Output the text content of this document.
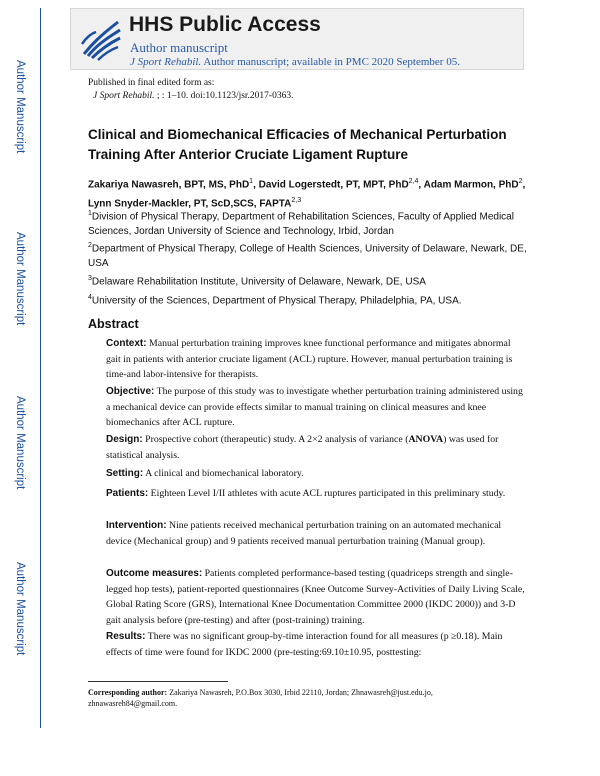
HHS Public Access
Author manuscript
J Sport Rehabil. Author manuscript; available in PMC 2020 September 05.
Author Manuscript
Author Manuscript
Author Manuscript
Author Manuscript
Published in final edited form as:
J Sport Rehabil. ; : 1–10. doi:10.1123/jsr.2017-0363.
Clinical and Biomechanical Efficacies of Mechanical Perturbation Training After Anterior Cruciate Ligament Rupture
Zakariya Nawasreh, BPT, MS, PhD$^1$, David Logerstedt, PT, MPT, PhD$^{2,4}$, Adam Marmon, PhD$^2$, Lynn Snyder-Mackler, PT, ScD,SCS, FAPTA$^{2,3}$
$^1$Division of Physical Therapy, Department of Rehabilitation Sciences, Faculty of Applied Medical Sciences, Jordan University of Science and Technology, Irbid, Jordan
$^2$Department of Physical Therapy, College of Health Sciences, University of Delaware, Newark, DE, USA
$^3$Delaware Rehabilitation Institute, University of Delaware, Newark, DE, USA
$^4$University of the Sciences, Department of Physical Therapy, Philadelphia, PA, USA.
Abstract
Context: Manual perturbation training improves knee functional performance and mitigates abnormal gait in patients with anterior cruciate ligament (ACL) rupture. However, manual perturbation training is time-and labor-intensive for therapists.
Objective: The purpose of this study was to investigate whether perturbation training administered using a mechanical device can provide effects similar to manual training on clinical measures and knee biomechanics after ACL rupture.
Design: Prospective cohort (therapeutic) study. A 2×2 analysis of variance (ANOVA) was used for statistical analysis.
Setting: A clinical and biomechanical laboratory.
Patients: Eighteen Level I/II athletes with acute ACL ruptures participated in this preliminary study.
Intervention: Nine patients received mechanical perturbation training on an automated mechanical device (Mechanical group) and 9 patients received manual perturbation training (Manual group).
Outcome measures: Patients completed performance-based testing (quadriceps strength and single-legged hop tests), patient-reported questionnaires (Knee Outcome Survey-Activities of Daily Living Scale, Global Rating Score (GRS), International Knee Documentation Committee 2000 (IKDC 2000)) and 3-D gait analysis before (pre-testing) and after (post-training) training.
Results: There was no significant group-by-time interaction found for all measures (p ≥0.18). Main effects of time were found for IKDC 2000 (pre-testing:69.10±10.95, posttesting:
Corresponding author: Zakariya Nawasreh, P.O.Box 3030, Irbid 22110, Jordan; Zhnawasreh@just.edu.jo, zhnawasreh84@gmail.com.
